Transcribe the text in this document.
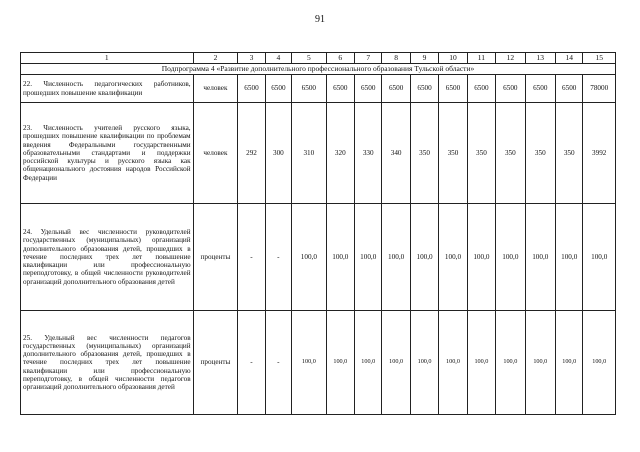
91
1	2	3	4	5	6	7	8	9	10	11	12	13	14	15
Подпрограмма 4 «Развитие дополнительного профессионального образования Тульской области»														
22. Численность педагогических работников, прошедших повышение квалификации	человек	6500	6500	6500	6500	6500	6500	6500	6500	6500	6500	6500	6500	78000
23. Численность учителей русского языка, прошедших повышение квалификации по проблемам введения Федеральными государственными образовательными стандартами и поддержки российской культуры и русского языка как общенационального достояния народов Российской Федерации	человек	292	300	310	320	330	340	350	350	350	350	350	350	3992
24. Удельный вес численности руководителей государственных (муниципальных) организаций дополнительного образования детей, прошедших в течение последних трех лет повышение квалификации или профессиональную переподготовку, в общей численности руководителей организаций дополнительного образования детей	проценты	-	-	100,0	100,0	100,0	100,0	100,0	100,0	100,0	100,0	100,0	100,0	100,0
25. Удельный вес численности педагогов государственных (муниципальных) организаций дополнительного образования детей, прошедших в течение последних трех лет повышение квалификации или профессиональную переподготовку, в общей численности педагогов организаций дополнительного образования детей	проценты	-	-	100,0	100,0	100,0	100,0	100,0	100,0	100,0	100,0	100,0	100,0	100,0
